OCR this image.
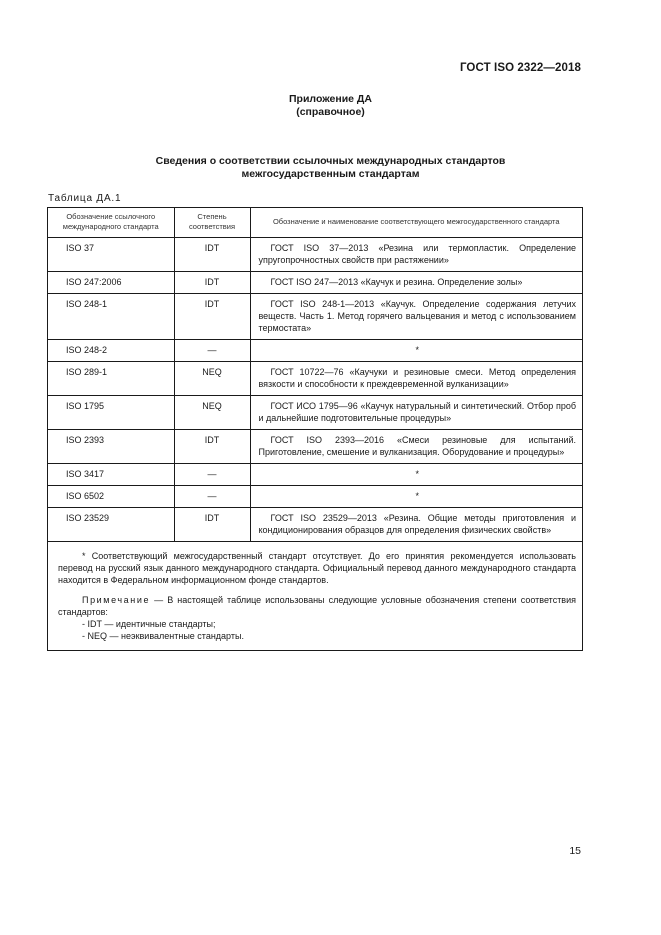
ГОСТ ISO 2322—2018
Приложение ДА
(справочное)
Сведения о соответствии ссылочных международных стандартов
межгосударственным стандартам
Таблица ДА.1
Обозначение ссылочного международного стандарта	Степень соответствия	Обозначение и наименование соответствующего межгосударственного стандарта
ISO 37	IDT	ГОСТ ISO 37—2013 «Резина или термопластик. Определение упругопрочностных свойств при растяжении»
ISO 247:2006	IDT	ГОСТ ISO 247—2013 «Каучук и резина. Определение золы»
ISO 248-1	IDT	ГОСТ ISO 248-1—2013 «Каучук. Определение содержания летучих веществ. Часть 1. Метод горячего вальцевания и метод с использованием термостата»
ISO 248-2	—	*
ISO 289-1	NEQ	ГОСТ 10722—76 «Каучуки и резиновые смеси. Метод определения вязкости и способности к преждевременной вулканизации»
ISO 1795	NEQ	ГОСТ ИСО 1795—96 «Каучук натуральный и синтетический. Отбор проб и дальнейшие подготовительные процедуры»
ISO 2393	IDT	ГОСТ ISO 2393—2016 «Смеси резиновые для испытаний. Приготовление, смешение и вулканизация. Оборудование и процедуры»
ISO 3417	—	*
ISO 6502	—	*
ISO 23529	IDT	ГОСТ ISO 23529—2013 «Резина. Общие методы приготовления и кондиционирования образцов для определения физических свойств»

* Соответствующий межгосударственный стандарт отсутствует. До его принятия рекомендуется использовать перевод на русский язык данного международного стандарта. Официальный перевод данного международного стандарта находится в Федеральном информационном фонде стандартов.

Примечание — В настоящей таблице использованы следующие условные обозначения степени соответствия стандартов:

- IDT — идентичные стандарты;

- NEQ — неэквивалентные стандарты.

15
